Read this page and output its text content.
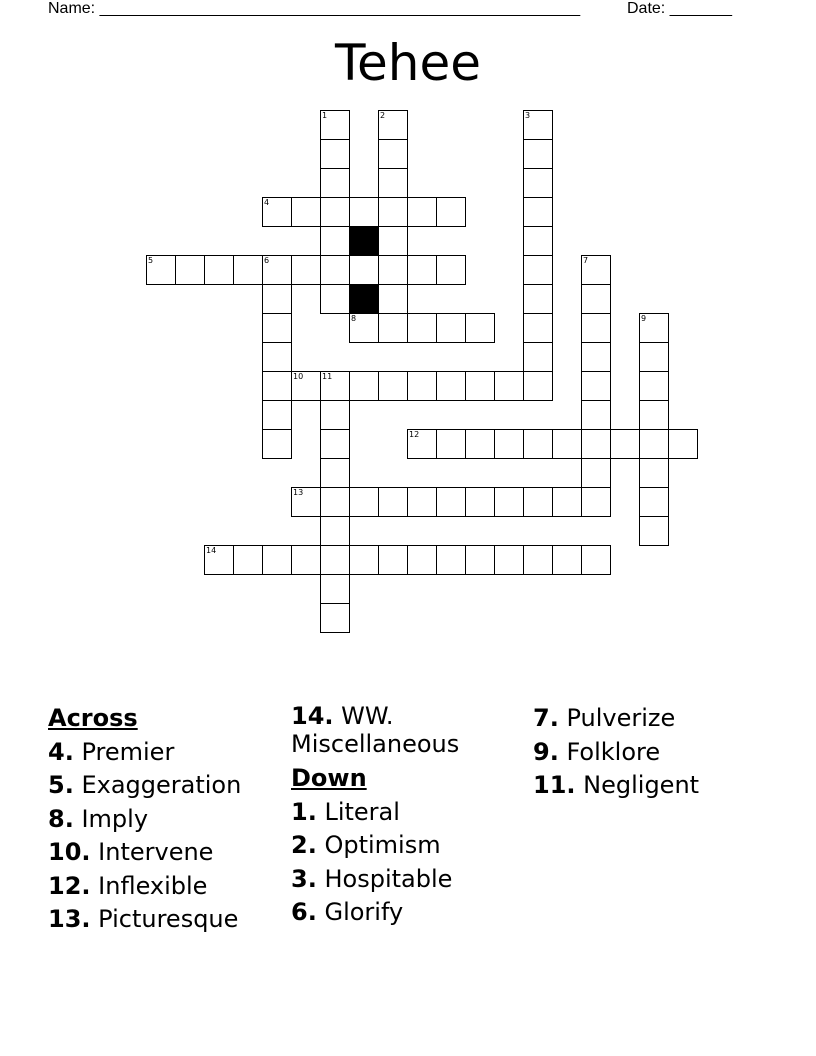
Name: ______________________________________________________	Date: _______
Tehee
1	2	3
4
5	6	7
8	9
10 11
12
13
14
Across
4. Premier
5. Exaggeration
8. Imply
10. Intervene
12. Inflexible
13. Picturesque
14. WW. Miscellaneous
Down
1. Literal
2. Optimism
3. Hospitable
6. Glorify
7. Pulverize
9. Folklore
11. Negligent
